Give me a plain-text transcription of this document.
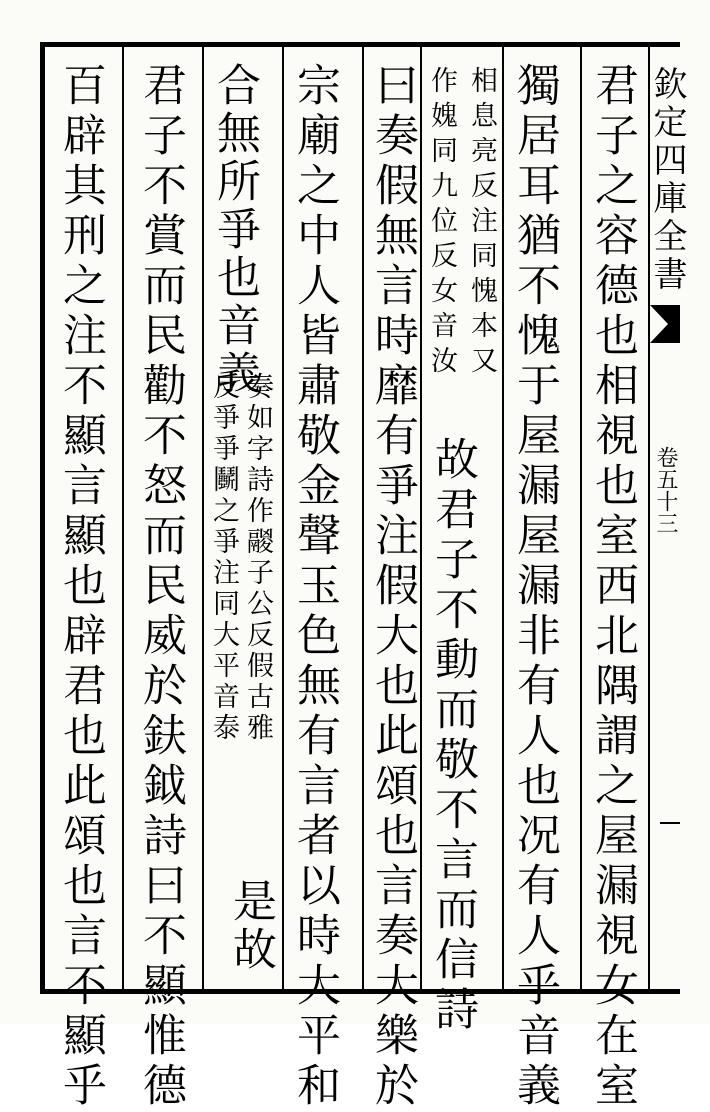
欽定四庫全書
卷五十三
君子之容德也相視也室西北隅謂之屋漏視女在室
獨居耳猶不愧于屋漏屋漏非有人也况有人乎音義
相息亮反注同愧本又
作媿同九位反女音汝
故君子不動而敬不言而信詩
曰奏假無言時靡有爭注假大也此頌也言奏大樂於
宗廟之中人皆肅敬金聲玉色無有言者以時大平和
合無所爭也音義
奏如字詩作鬷子公反假古雅
反爭爭鬭之爭注同大平音泰
是故
君子不賞而民勸不怒而民威於鈇鉞詩曰不顯惟德
百辟其刑之注不顯言顯也辟君也此頌也言不顯乎
